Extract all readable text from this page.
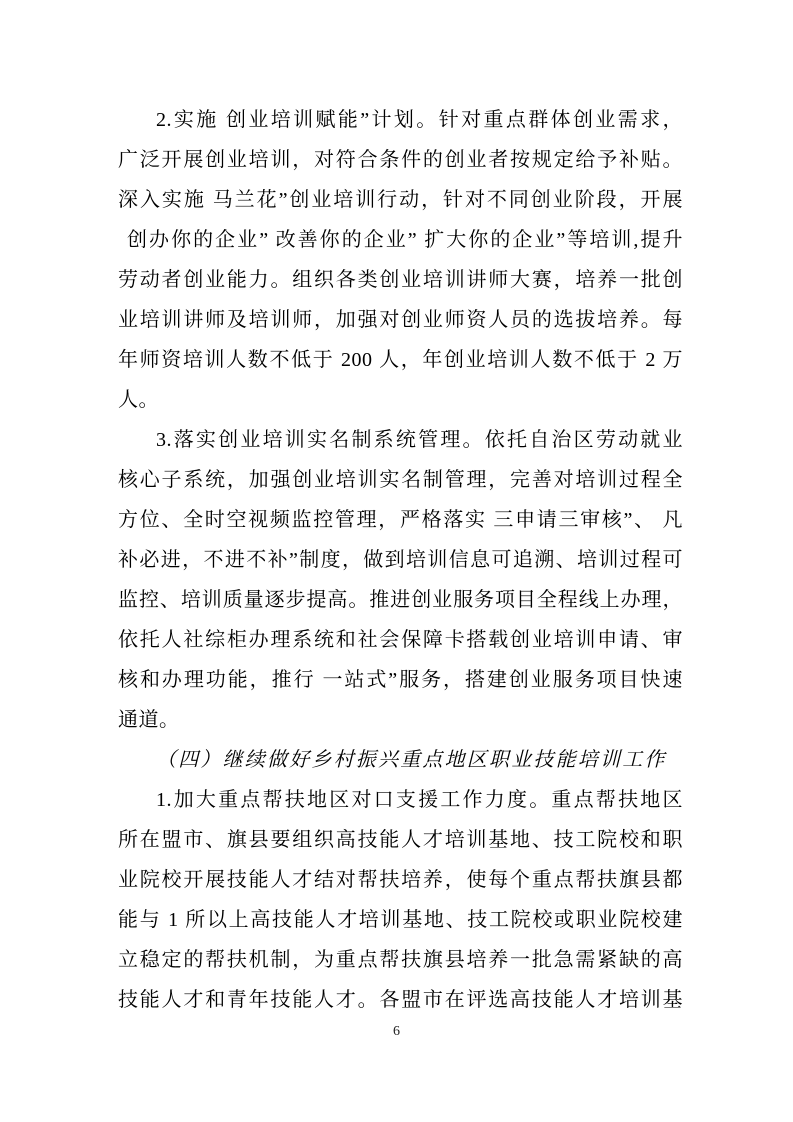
2.实施 创业培训赋能”计划。针对重点群体创业需求，
广泛开展创业培训，对符合条件的创业者按规定给予补贴。
深入实施 马兰花”创业培训行动，针对不同创业阶段，开展
创办你的企业” 改善你的企业” 扩大你的企业”等培训,提升
劳动者创业能力。组织各类创业培训讲师大赛，培养一批创
业培训讲师及培训师，加强对创业师资人员的选拔培养。每
年师资培训人数不低于 200 人，年创业培训人数不低于 2 万
人。
3.落实创业培训实名制系统管理。依托自治区劳动就业
核心子系统，加强创业培训实名制管理，完善对培训过程全
方位、全时空视频监控管理，严格落实 三申请三审核”、 凡
补必进，不进不补”制度，做到培训信息可追溯、培训过程可
监控、培训质量逐步提高。推进创业服务项目全程线上办理，
依托人社综柜办理系统和社会保障卡搭载创业培训申请、审
核和办理功能，推行 一站式”服务，搭建创业服务项目快速
通道。
（四）继续做好乡村振兴重点地区职业技能培训工作
1.加大重点帮扶地区对口支援工作力度。重点帮扶地区
所在盟市、旗县要组织高技能人才培训基地、技工院校和职
业院校开展技能人才结对帮扶培养，使每个重点帮扶旗县都
能与 1 所以上高技能人才培训基地、技工院校或职业院校建
立稳定的帮扶机制，为重点帮扶旗县培养一批急需紧缺的高
技能人才和青年技能人才。各盟市在评选高技能人才培训基
6
